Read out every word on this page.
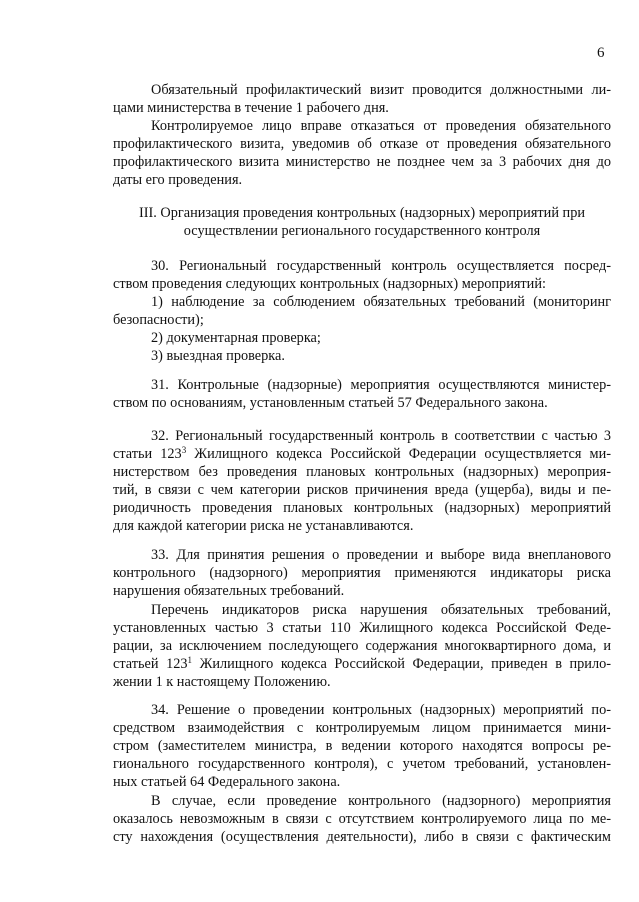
6

Обязательный профилактический визит проводится должностными ли-

цами министерства в течение 1 рабочего дня.

Контролируемое лицо вправе отказаться от проведения обязательного

профилактического визита, уведомив об отказе от проведения обязательного

профилактического визита министерство не позднее чем за 3 рабочих дня до

даты его проведения.

III. Организация проведения контрольных (надзорных) мероприятий при

осуществлении регионального государственного контроля

30. Региональный государственный контроль осуществляется посред-

ством проведения следующих контрольных (надзорных) мероприятий:

1) наблюдение за соблюдением обязательных требований (мониторинг

безопасности);

2) документарная проверка;

3) выездная проверка.

31. Контрольные (надзорные) мероприятия осуществляются министер-

ством по основаниям, установленным статьей 57 Федерального закона.

32. Региональный государственный контроль в соответствии с частью 3

статьи $123^3$ Жилищного кодекса Российской Федерации осуществляется ми-

нистерством без проведения плановых контрольных (надзорных) мероприя-

тий, в связи с чем категории рисков причинения вреда (ущерба), виды и пе-

риодичность проведения плановых контрольных (надзорных) мероприятий

для каждой категории риска не устанавливаются.

33. Для принятия решения о проведении и выборе вида внепланового

контрольного (надзорного) мероприятия применяются индикаторы риска

нарушения обязательных требований.

Перечень индикаторов риска нарушения обязательных требований,

установленных частью 3 статьи 110 Жилищного кодекса Российской Феде-

рации, за исключением последующего содержания многоквартирного дома, и

статьей $123^1$ Жилищного кодекса Российской Федерации, приведен в прило-

жении 1 к настоящему Положению.

34. Решение о проведении контрольных (надзорных) мероприятий по-

средством взаимодействия с контролируемым лицом принимается мини-

стром (заместителем министра, в ведении которого находятся вопросы ре-

гионального государственного контроля), с учетом требований, установлен-

ных статьей 64 Федерального закона.

В случае, если проведение контрольного (надзорного) мероприятия

оказалось невозможным в связи с отсутствием контролируемого лица по ме-

сту нахождения (осуществления деятельности), либо в связи с фактическим
